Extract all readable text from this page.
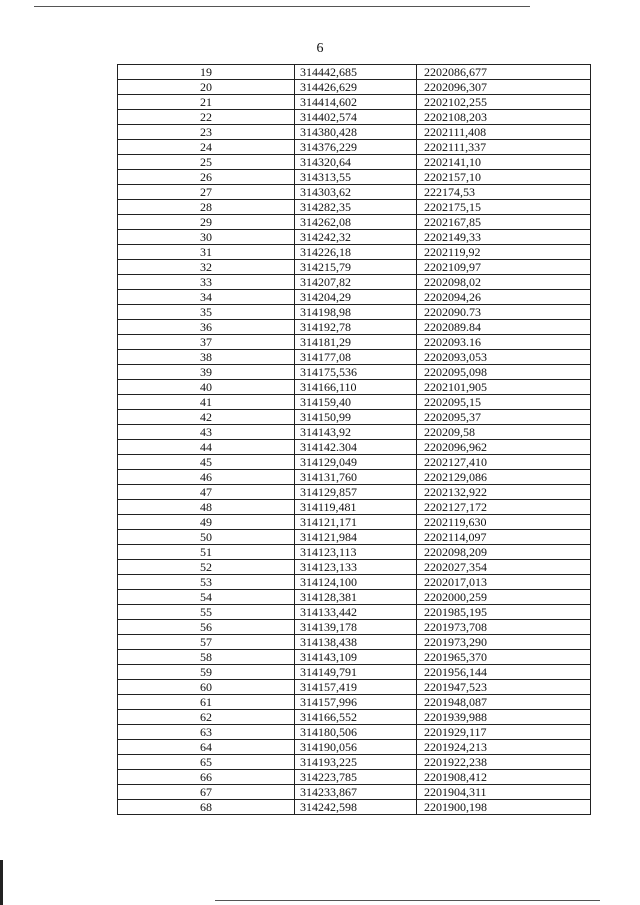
6
19	314442,685	2202086,677
20	314426,629	2202096,307
21	314414,602	2202102,255
22	314402,574	2202108,203
23	314380,428	2202111,408
24	314376,229	2202111,337
25	314320,64	2202141,10
26	314313,55	2202157,10
27	314303,62	222174,53
28	314282,35	2202175,15
29	314262,08	2202167,85
30	314242,32	2202149,33
31	314226,18	2202119,92
32	314215,79	2202109,97
33	314207,82	2202098,02
34	314204,29	2202094,26
35	314198,98	2202090.73
36	314192,78	2202089.84
37	314181,29	2202093.16
38	314177,08	2202093,053
39	314175,536	2202095,098
40	314166,110	2202101,905
41	314159,40	2202095,15
42	314150,99	2202095,37
43	314143,92	220209,58
44	314142.304	2202096,962
45	314129,049	2202127,410
46	314131,760	2202129,086
47	314129,857	2202132,922
48	314119,481	2202127,172
49	314121,171	2202119,630
50	314121,984	2202114,097
51	314123,113	2202098,209
52	314123,133	2202027,354
53	314124,100	2202017,013
54	314128,381	2202000,259
55	314133,442	2201985,195
56	314139,178	2201973,708
57	314138,438	2201973,290
58	314143,109	2201965,370
59	314149,791	2201956,144
60	314157,419	2201947,523
61	314157,996	2201948,087
62	314166,552	2201939,988
63	314180,506	2201929,117
64	314190,056	2201924,213
65	314193,225	2201922,238
66	314223,785	2201908,412
67	314233,867	2201904,311
68	314242,598	2201900,198
